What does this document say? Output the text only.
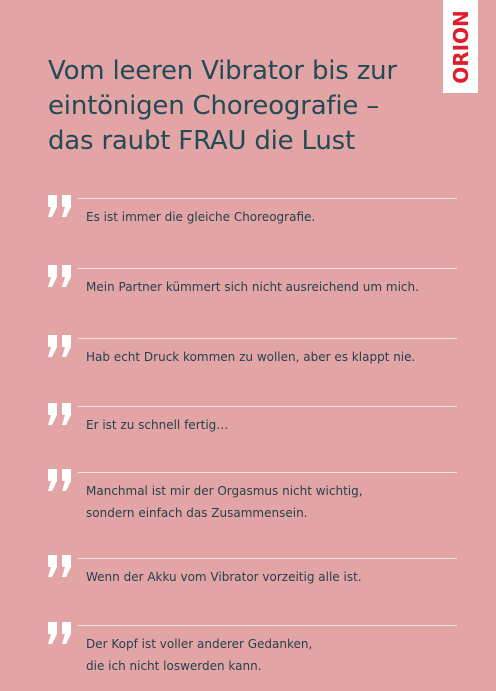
ORION
Vom leeren Vibrator bis zur
eintönigen Choreografie –
das raubt FRAU die Lust
Es ist immer die gleiche Choreografie.
Mein Partner kümmert sich nicht ausreichend um mich.
Hab echt Druck kommen zu wollen, aber es klappt nie.
Er ist zu schnell fertig…
Manchmal ist mir der Orgasmus nicht wichtig,
sondern einfach das Zusammensein.
Wenn der Akku vom Vibrator vorzeitig alle ist.
Der Kopf ist voller anderer Gedanken,
die ich nicht loswerden kann.
